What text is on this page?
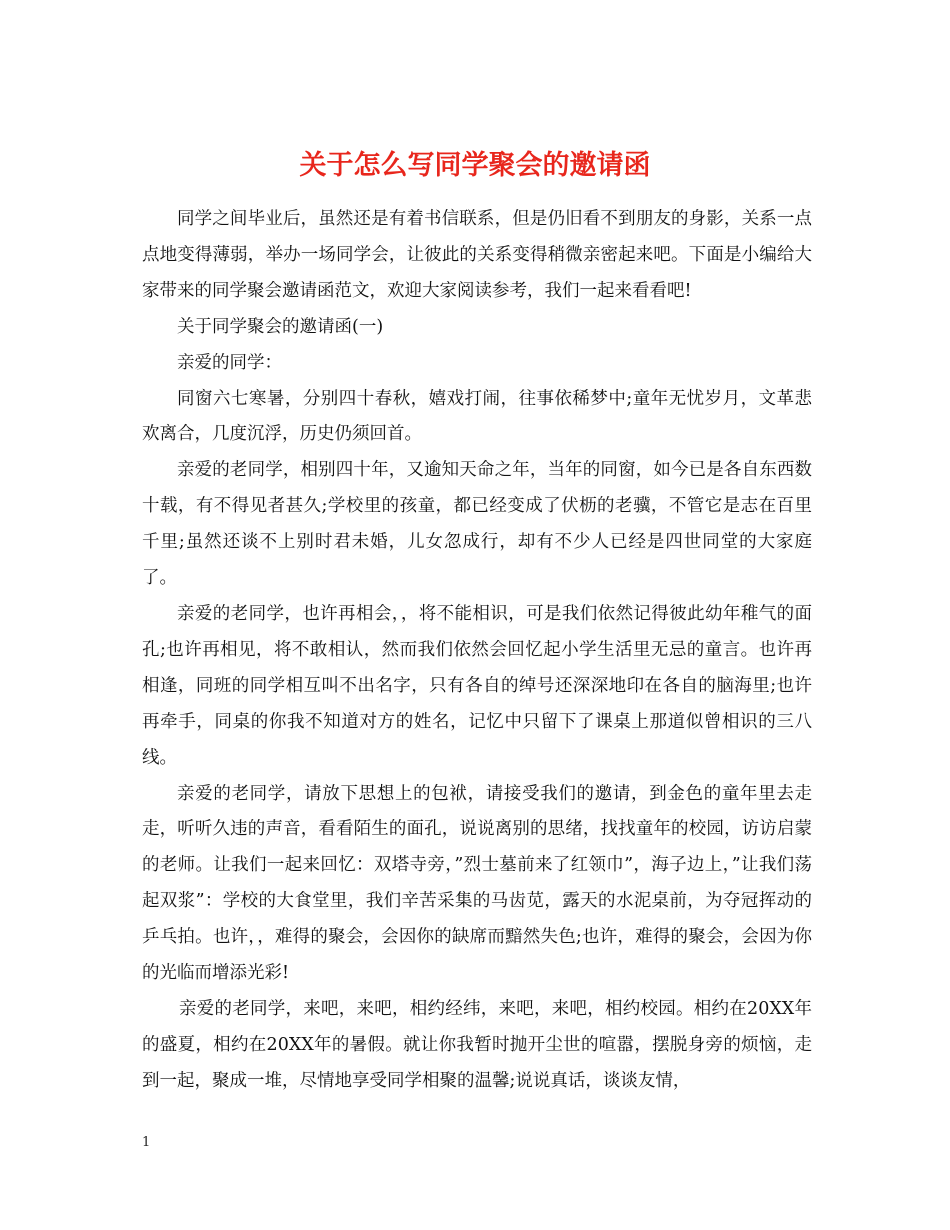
关于怎么写同学聚会的邀请函

同学之间毕业后，虽然还是有着书信联系，但是仍旧看不到朋友的身影，关系一点点地变得薄弱，举办一场同学会，让彼此的关系变得稍微亲密起来吧。下面是小编给大家带来的同学聚会邀请函范文，欢迎大家阅读参考，我们一起来看看吧!

关于同学聚会的邀请函(一)

亲爱的同学：

同窗六七寒暑，分别四十春秋，嬉戏打闹，往事依稀梦中;童年无忧岁月，文革悲欢离合，几度沉浮，历史仍须回首。

亲爱的老同学，相别四十年，又逾知天命之年，当年的同窗，如今已是各自东西数十载，有不得见者甚久;学校里的孩童，都已经变成了伏枥的老骥，不管它是志在百里千里;虽然还谈不上别时君未婚，儿女忽成行，却有不少人已经是四世同堂的大家庭了。

亲爱的老同学，也许再相会，，将不能相识，可是我们依然记得彼此幼年稚气的面孔;也许再相见，将不敢相认，然而我们依然会回忆起小学生活里无忌的童言。也许再相逢，同班的同学相互叫不出名字，只有各自的绰号还深深地印在各自的脑海里;也许再牵手，同桌的你我不知道对方的姓名，记忆中只留下了课桌上那道似曾相识的三八线。

亲爱的老同学，请放下思想上的包袱，请接受我们的邀请，到金色的童年里去走走，听听久违的声音，看看陌生的面孔，说说离别的思绪，找找童年的校园，访访启蒙的老师。让我们一起来回忆：双塔寺旁，”烈士墓前来了红领巾”，海子边上，”让我们荡起双浆”：学校的大食堂里，我们辛苦采集的马齿苋，露天的水泥桌前，为夺冠挥动的乒乓拍。也许，，难得的聚会，会因你的缺席而黯然失色;也许，难得的聚会，会因为你的光临而增添光彩!

亲爱的老同学，来吧，来吧，相约经纬，来吧，来吧，相约校园。相约在20XX年的盛夏，相约在20XX年的暑假。就让你我暂时抛开尘世的喧嚣，摆脱身旁的烦恼，走到一起，聚成一堆，尽情地享受同学相聚的温馨;说说真话，谈谈友情，

1
